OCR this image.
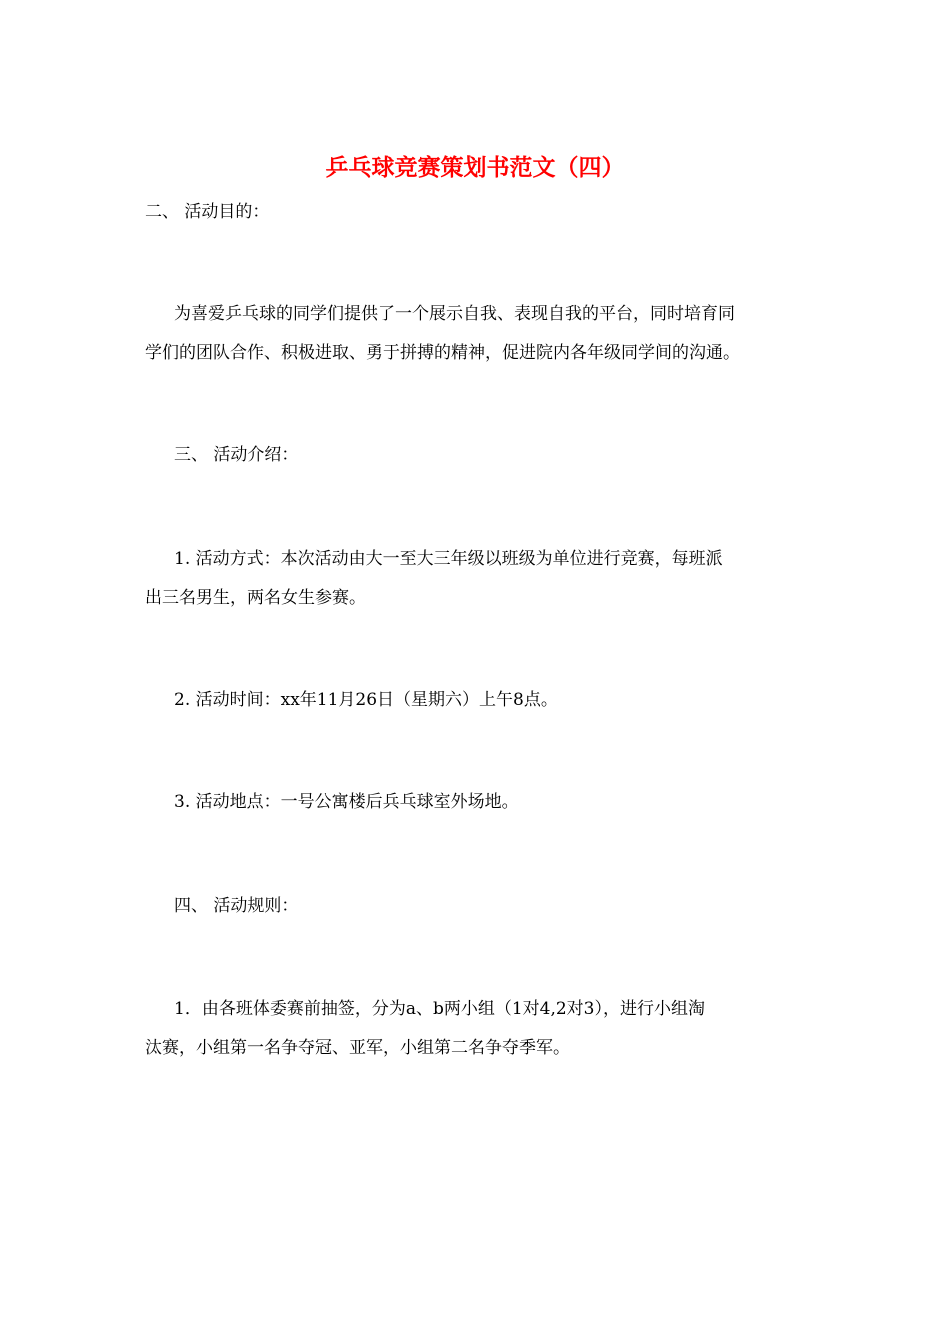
乒乓球竞赛策划书范文（四）
二、 活动目的：
为喜爱乒乓球的同学们提供了一个展示自我、表现自我的平台，同时培育同
学们的团队合作、积极进取、勇于拼搏的精神，促进院内各年级同学间的沟通。
三、 活动介绍：
1. 活动方式：本次活动由大一至大三年级以班级为单位进行竞赛，每班派
出三名男生，两名女生参赛。
2. 活动时间：xx年11月26日（星期六）上午8点。
3. 活动地点：一号公寓楼后兵乓球室外场地。
四、 活动规则：
1．由各班体委赛前抽签，分为a、b两小组（1对4,2对3），进行小组淘
汰赛，小组第一名争夺冠、亚军，小组第二名争夺季军。
